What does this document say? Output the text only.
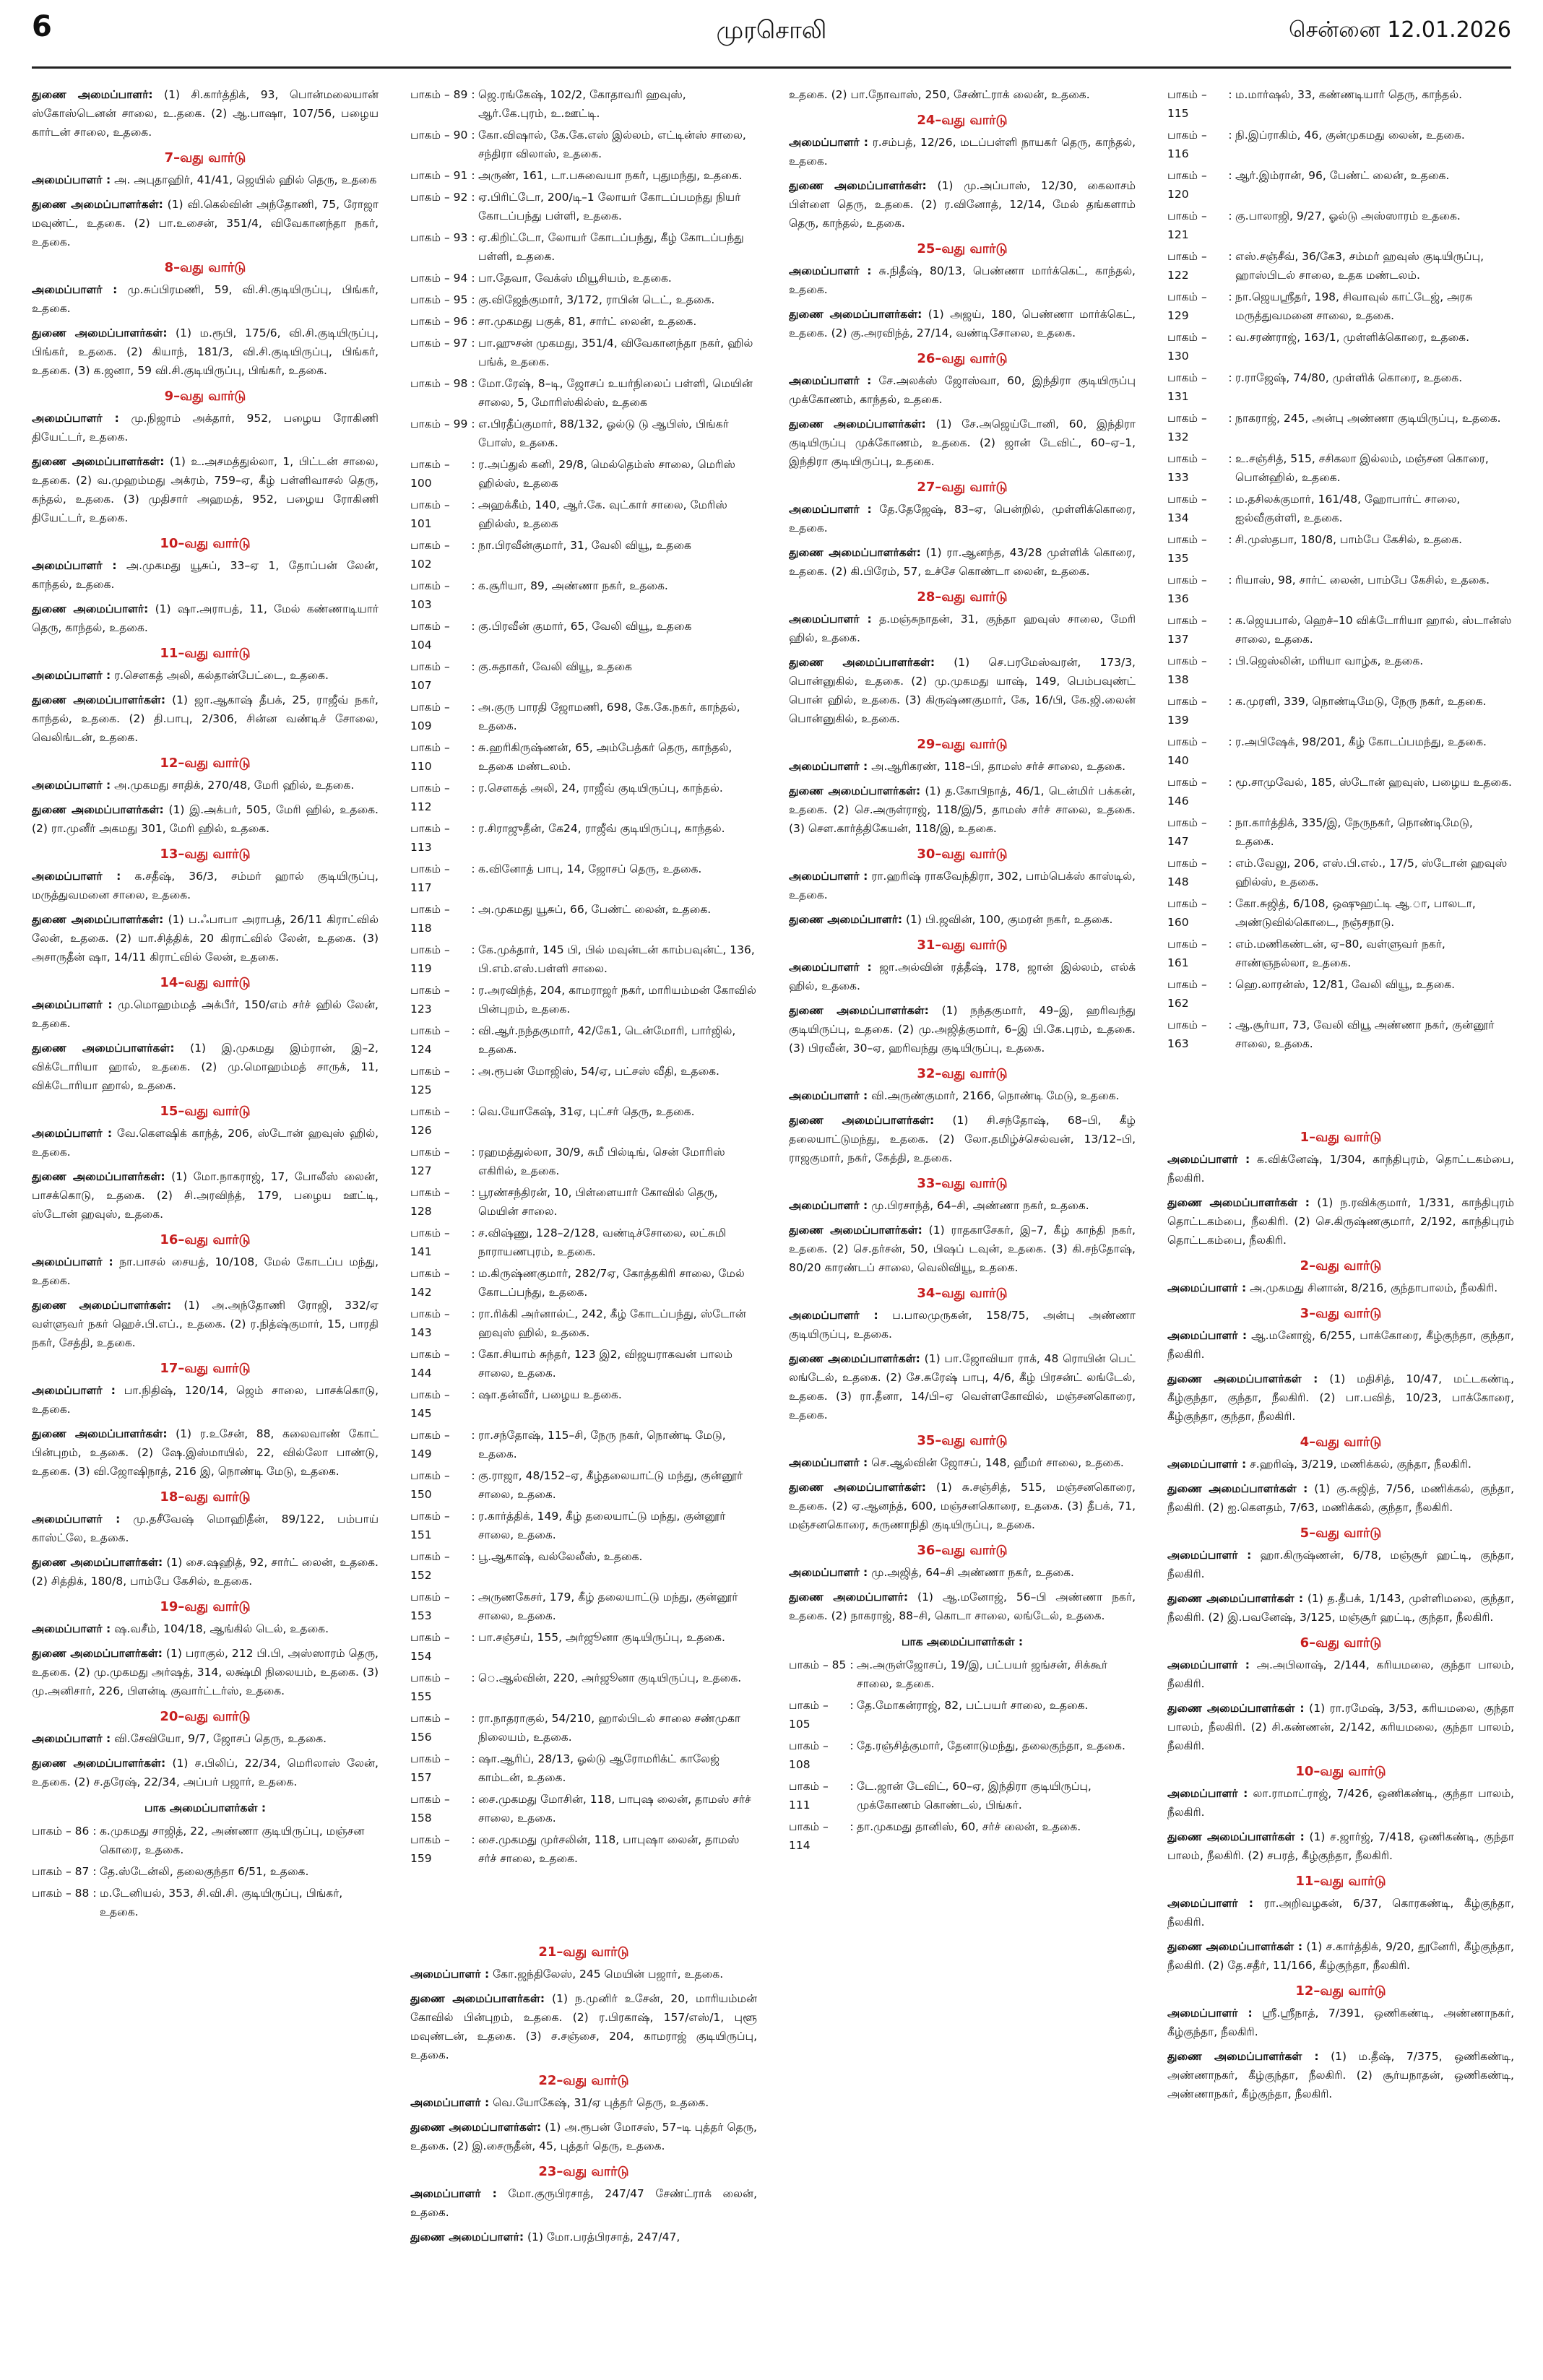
6	முரசொலி	சென்னை 12.01.2026
துணை அமைப்பாளர்: (1) சி.கார்த்திக், 93, பொன்மலையான் ஸ்கோஸ்டெனன் சாலை, உ.தகை. (2) ஆ.பாஷா, 107/56, பழைய கார்டன் சாலை, உதகை.
7–வது வார்டு
அமைப்பாளர் : அ. அபுதாஹிர், 41/41, ஜெயில் ஹில் தெரு, உதகை
துணை அமைப்பாளர்கள்: (1) வி.கெல்வின் அந்தோணி, 75, ரோஜா மவுண்ட், உதகை. (2) பா.உசைன், 351/4, விவேகானந்தா நகர், உதகை.
8–வது வார்டு
அமைப்பாளர் : மு.சுப்பிரமணி, 59, வி.சி.குடியிருப்பு, பிங்கர், உதகை.
துணை அமைப்பாளர்கள்: (1) ம.ரூபி, 175/6, வி.சி.குடியிருப்பு, பிங்கர், உதகை. (2) கியாந், 181/3, வி.சி.குடியிருப்பு, பிங்கர், உதகை. (3) க.ஜனா, 59 வி.சி.குடியிருப்பு, பிங்கர், உதகை.
9–வது வார்டு
அமைப்பாளர் : மு.நிஜாம் அக்தார், 952, பழைய ரோகிணி தியேட்டர், உதகை.
துணை அமைப்பாளர்கள்: (1) உ.அசமத்துல்லா, 1, பிட்டன் சாலை, உதகை. (2) வ.முஹம்மது அக்ரம், 759–ஏ, கீழ் பள்ளிவாசல் தெரு, கந்தல், உதகை. (3) முதிசார் அஹமத், 952, பழைய ரோகிணி தியேட்டர், உதகை.
10–வது வார்டு
அமைப்பாளர் : அ.முகமது யூசுப், 33–ஏ 1, தோப்பன் லேன், காந்தல், உதகை.
துணை அமைப்பாளர்: (1) ஷா.அராபத், 11, மேல் கண்ணாடியார் தெரு, காந்தல், உதகை.
11–வது வார்டு
அமைப்பாளர் : ர.செளகத் அலி, கல்தான்பேட்டை, உதகை.
துணை அமைப்பாளர்கள்: (1) ஜா.ஆகாஷ் தீபக், 25, ராஜீவ் நகர், காந்தல், உதகை. (2) தி.பாபு, 2/306, சின்ன வண்டிச் சோலை, வெலிங்டன், உதகை.
12–வது வார்டு
அமைப்பாளர் : அ.முகமது சாதிக், 270/48, மேரி ஹில், உதகை.
துணை அமைப்பாளர்கள்: (1) இ.அக்பர், 505, மேரி ஹில், உதகை. (2) ரா.முனீர் அகமது 301, மேரி ஹில், உதகை.
13–வது வார்டு
அமைப்பாளர் : க.சதீஷ், 36/3, சம்மர் ஹால் குடியிருப்பு, மருத்துவமனை சாலை, உதகை.
துணை அமைப்பாளர்கள்: (1) ப.ஃபாபா அராபத், 26/11 கிராட்வில் லேன், உதகை. (2) யா.சித்திக், 20 கிராட்வில் லேன், உதகை. (3) அசாருதீன் ஷா, 14/11 கிராட்வில் லேன், உதகை.
14–வது வார்டு
அமைப்பாளர் : மு.மொஹம்மத் அக்பீர், 150/எம் சர்ச் ஹில் லேன், உதகை.
துணை அமைப்பாளர்கள்: (1) இ.முகமது இம்ரான், இ–2, விக்டோரியா ஹால், உதகை. (2) மு.மொஹம்மத் சாருக், 11, விக்டோரியா ஹால், உதகை.
15–வது வார்டு
அமைப்பாளர் : வே.கௌஷிக் காந்த், 206, ஸ்டோன் ஹவுஸ் ஹில், உதகை.
துணை அமைப்பாளர்கள்: (1) மோ.நாகராஜ், 17, போலீஸ் லைன், பாசக்கொடு, உதகை. (2) சி.அரவிந்த், 179, பழைய ஊட்டி, ஸ்டோன் ஹவுஸ், உதகை.
16–வது வார்டு
அமைப்பாளர் : நா.பாசல் சையத், 10/108, மேல் கோடப்ப மந்து, உதகை.
துணை அமைப்பாளர்கள்: (1) அ.அந்தோணி ரோஜி, 332/ஏ வள்ளுவர் நகர் ஹெச்.பி.எப்., உதகை. (2) ர.நித்ஷ்குமார், 15, பாரதி நகர், சேத்தி, உதகை.
17–வது வார்டு
அமைப்பாளர் : பா.நிதிஷ், 120/14, ஜெம் சாலை, பாசக்கொடு, உதகை.
துணை அமைப்பாளர்கள்: (1) ர.உசேன், 88, கலைவாண் கோட் பின்புறம், உதகை. (2) ஷே.இஸ்மாயில், 22, வில்லோ பாண்டு, உதகை. (3) வி.ஜோஷிநாத், 216 இ, நொண்டி மேடு, உதகை.
18–வது வார்டு
அமைப்பாளர் : மு.தசீவேஷ் மொஹிதீன், 89/122, பம்பாய் காஸ்ட்லே, உதகை.
துணை அமைப்பாளர்கள்: (1) சை.ஷஹித், 92, சார்ட் லைன், உதகை. (2) சித்திக், 180/8, பாம்பே கேசில், உதகை.
19–வது வார்டு
அமைப்பாளர் : ஷ.வசீம், 104/18, ஆங்கில் டெல், உதகை.
துணை அமைப்பாளர்கள்: (1) பராகுல், 212 பி.பி, அஸ்ஸாரம் தெரு, உதகை. (2) மு.முகமது அர்ஷத், 314, லக்ஷ்மி நிலையம், உதகை. (3) மு.அனிசார், 226, பிளன்டி குவார்ட்டர்ஸ், உதகை.
20–வது வார்டு
அமைப்பாளர் : வி.சேவியோ, 9/7, ஜோசப் தெரு, உதகை.
துணை அமைப்பாளர்கள்: (1) ச.பிலிப், 22/34, மெரிலாஸ் லேன், உதகை. (2) ச.தரேஷ், 22/34, அப்பர் பஜார், உதகை.
பாக அமைப்பாளர்கள் :
பாகம் – 86 : க.முகமது சாஜித், 22, அண்ணா குடியிருப்பு, மஞ்சன கொரை, உதகை.
பாகம் – 87 : தே.ஸ்டேன்லி, தலைகுந்தா 6/51, உதகை.
பாகம் – 88 : ம.டேனியல், 353, சி.வி.சி. குடியிருப்பு, பிங்கர், உதகை.
பாகம் – 89 : ஜெ.ரங்கேஷ், 102/2, கோதாவரி ஹவுஸ், ஆர்.கே.புரம், உ.ஊட்டி.
பாகம் – 90 : கோ.விஷால், கே.கே.எஸ் இல்லம், எட்டின்ஸ் சாலை, சந்திரா விலாஸ், உதகை.
பாகம் – 91 : அருண், 161, டா.பசுவையா நகர், புதுமந்து, உதகை.
பாகம் – 92 : ஏ.பிரிட்டோ, 200/டி–1 லோயர் கோடப்பமந்து நியர் கோடப்பந்து பள்ளி, உதகை.
பாகம் – 93 : ஏ.கிறிட்டோ, லோயர் கோடப்பந்து, கீழ் கோடப்பந்து பள்ளி, உதகை.
பாகம் – 94 : பா.தேவா, வேக்ஸ் மியூசியம், உதகை.
பாகம் – 95 : கு.விஜேந்குமார், 3/172, ராபின் டெட், உதகை.
பாகம் – 96 : சா.முகமது பகுக், 81, சார்ட் லைன், உதகை.
பாகம் – 97 : பா.ஹுசன் முகமது, 351/4, விவேகானந்தா நகர், ஹில் பங்க், உதகை.
பாகம் – 98 : மோ.ரேஷ், 8–டி, ஜோசப் உயர்நிலைப் பள்ளி, மெயின் சாலை, 5, மோரிஸ்கில்ஸ், உதகை
பாகம் – 99 : எ.பிரதீப்குமார், 88/132, ஓல்டு டு ஆபிஸ், பிங்கர் போஸ், உதகை.
பாகம் – 100
: ர.அப்துல் கனி, 29/8, மெல்தெம்ஸ் சாலை, மெரிஸ் ஹில்ஸ், உதகை
பாகம் – 101
: அஹக்கீம், 140, ஆர்.கே. வுட்கார் சாலை, மேரிஸ் ஹில்ஸ், உதகை
பாகம் – 102
: நா.பிரவீன்குமார், 31, வேலி வியூ, உதகை
பாகம் – 103
: க.சூரியா, 89, அண்ணா நகர், உதகை.
பாகம் – 104
: கு.பிரவீன் குமார், 65, வேலி வியூ, உதகை
பாகம் – 107
: கு.சுதாகர், வேலி வியூ, உதகை
பாகம் – 109
: அ.குரு பாரதி ஜோமணி, 698, கே.கே.நகர், காந்தல், உதகை.
பாகம் – 110
: சு.ஹரிகிருஷ்ணன், 65, அம்பேத்கர் தெரு, காந்தல், உதகை மண்டலம்.
பாகம் – 112
: ர.செளகத் அலி, 24, ராஜீவ் குடியிருப்பு, காந்தல்.
பாகம் – 113
: ர.சிராஜுதீன், கே24, ராஜீவ் குடியிருப்பு, காந்தல்.
பாகம் – 117
: க.வினோத் பாபு, 14, ஜோசப் தெரு, உதகை.
பாகம் – 118
: அ.முகமது யூசுப், 66, பேண்ட் லைன், உதகை.
பாகம் – 119
: கே.முக்தார், 145 பி, பில் மவுன்டன் காம்பவுன்ட், 136, பி.எம்.எஸ்.பள்ளி சாலை.
பாகம் – 123
: ர.அரவிந்த், 204, காமராஜர் நகர், மாரியம்மன் கோவில் பின்புறம், உதகை.
பாகம் – 124
: வி.ஆர்.நந்தகுமார், 42/கே1, டென்மோரி, பார்ஜில், உதகை.
பாகம் – 125
: அ.ரூபன் மோஜிஸ், 54/ஏ, பட்சஸ் வீதி, உதகை.
பாகம் – 126
: வெ.யோகேஷ், 31ஏ, புட்சர் தெரு, உதகை.
பாகம் – 127
: ரஹமத்துல்லா, 30/9, சுமீ பில்டிங், சென் மோரிஸ் எகிரில், உதகை.
பாகம் – 128
: பூரண்சந்திரன், 10, பிள்ளையார் கோவில் தெரு, மெயின் சாலை.
பாகம் – 141
: ச.விஷ்ணு, 128–2/128, வண்டிச்சோலை, லட்சுமி நாராயணபுரம், உதகை.
பாகம் – 142
: ம.கிருஷ்ணகுமார், 282/7ஏ, கோத்தகிரி சாலை, மேல் கோடப்பந்து, உதகை.
பாகம் – 143
: ரா.ரிக்கி அர்னால்ட், 242, கீழ் கோடப்பந்து, ஸ்டோன் ஹவுஸ் ஹில், உதகை.
பாகம் – 144
: கோ.சியாம் சுந்தர், 123 இ2, விஜயராகவன் பாலம் சாலை, உதகை.
பாகம் – 145
: ஷா.தன்வீர், பழைய உதகை.
பாகம் – 149
: ரா.சந்தோஷ், 115–சி, நேரு நகர், நொண்டி மேடு, உதகை.
பாகம் – 150
: கு.ராஜா, 48/152–ஏ, கீழ்தலையாட்டு மந்து, குன்னூர் சாலை, உதகை.
பாகம் – 151
: ர.கார்த்திக், 149, கீழ் தலையாட்டு மந்து, குன்னூர் சாலை, உதகை.
பாகம் – 152
: பூ.ஆகாஷ், வல்லேலீஸ், உதகை.
பாகம் – 153
: அருணகேசர், 179, கீழ் தலையாட்டு மந்து, குன்னூர் சாலை, உதகை.
பாகம் – 154
: பா.சஞ்சய், 155, அர்ஜூனா குடியிருப்பு, உதகை.
பாகம் – 155
: ெ.ஆல்வின், 220, அர்ஜூனா குடியிருப்பு, உதகை.
பாகம் – 156
: ரா.நாதராகுல், 54/210, ஹால்பிடல் சாலை சண்முகா நிலையம், உதகை.
பாகம் – 157
: ஷா.ஆரிப், 28/13, ஓல்டு ஆரோமரிக்ட் காலேஜ் காம்டன், உதகை.
பாகம் – 158
: சை.முகமது மோசின், 118, பாபுஷ லைன், தாமஸ் சர்ச் சாலை, உதகை.
பாகம் – 159
: சை.முகமது முர்சலின், 118, பாபுஷா லைன், தாமஸ் சர்ச் சாலை, உதகை.
21–வது வார்டு
அமைப்பாளர் : கோ.ஜந்திலேஸ், 245 மெயின் பஜார், உதகை.
துணை அமைப்பாளர்கள்: (1) ந.முனிர் உசேன், 20, மாரியம்மன் கோவில் பின்புறம், உதகை. (2) ர.பிரகாஷ், 157/எஸ்/1, புளூ மவுண்டன், உதகை. (3) ச.சஞ்சை, 204, காமராஜ் குடியிருப்பு, உதகை.
22–வது வார்டு
அமைப்பாளர் : வெ.யோகேஷ், 31/ஏ புத்தர் தெரு, உதகை.
துணை அமைப்பாளர்கள்: (1) அ.ரூபன் மோசஸ், 57–டி புத்தர் தெரு, உதகை. (2) இ.சைருதீன், 45, புத்தர் தெரு, உதகை.
23–வது வார்டு
அமைப்பாளர் : மோ.குருபிரசாத், 247/47 சேண்ட்ராக் லைன், உதகை.
துணை அமைப்பாளர்: (1) மோ.பரத்பிரசாத், 247/47,
உதகை. (2) பா.நோவாஸ், 250, சேண்ட்ராக் லைன், உதகை.
24–வது வார்டு
அமைப்பாளர் : ர.சம்பத், 12/26, மடப்பள்ளி நாயகர் தெரு, காந்தல், உதகை.
துணை அமைப்பாளர்கள்: (1) மு.அப்பாஸ், 12/30, கைலாசம் பிள்ளை தெரு, உதகை. (2) ர.வினோத், 12/14, மேல் தங்களாம் தெரு, காந்தல், உதகை.
25–வது வார்டு
அமைப்பாளர் : சு.நிதீஷ், 80/13, பெண்ணா மார்க்கெட், காந்தல், உதகை.
துணை அமைப்பாளர்கள்: (1) அஜய், 180, பெண்ணா மார்க்கெட், உதகை. (2) கு.அரவிந்த், 27/14, வண்டிசோலை, உதகை.
26–வது வார்டு
அமைப்பாளர் : சே.அலக்ஸ் ஜோஸ்வா, 60, இந்திரா குடியிருப்பு முக்கோணம், காந்தல், உதகை.
துணை அமைப்பாளர்கள்: (1) சே.அஜெய்டோனி, 60, இந்திரா குடியிருப்பு முக்கோணம், உதகை. (2) ஜான் டேவிட், 60–ஏ–1, இந்திரா குடியிருப்பு, உதகை.
27–வது வார்டு
அமைப்பாளர் : தே.தேஜேஷ், 83–ஏ, பென்றில், முள்ளிக்கொரை, உதகை.
துணை அமைப்பாளர்கள்: (1) ரா.ஆனந்த, 43/28 முள்ளிக் கொரை, உதகை. (2) கி.பிரேம், 57, உச்சே கொண்டா லைன், உதகை.
28–வது வார்டு
அமைப்பாளர் : த.மஞ்சுநாதன், 31, குந்தா ஹவுஸ் சாலை, மேரி ஹில், உதகை.
துணை அமைப்பாளர்கள்: (1) செ.பரமேஸ்வரன், 173/3, பொன்னுகில், உதகை. (2) மு.முகமது யாஷ், 149, பெம்பவுண்ட் பொன் ஹில், உதகை. (3) கிருஷ்ணகுமார், கே, 16/பி, கே.ஜி.லைன் பொன்னுகில், உதகை.
29–வது வார்டு
அமைப்பாளர் : அ.ஆரிகரண், 118–பி, தாமஸ் சர்ச் சாலை, உதகை.
துணை அமைப்பாளர்கள்: (1) த.கோபிநாத், 46/1, டென்மிர் பக்கன், உதகை. (2) செ.அருள்ராஜ், 118/இ/5, தாமஸ் சர்ச் சாலை, உதகை. (3) சௌ.கார்த்திகேயன், 118/இ, உதகை.
30–வது வார்டு
அமைப்பாளர் : ரா.ஹரிஷ் ராகவேந்திரா, 302, பாம்பெக்ஸ் காஸ்டில், உதகை.
துணை அமைப்பாளர்: (1) பி.ஜவின், 100, குமரன் நகர், உதகை.
31–வது வார்டு
அமைப்பாளர் : ஜா.அல்வின் ரத்தீஷ், 178, ஜான் இல்லம், எல்க் ஹில், உதகை.
துணை அமைப்பாளர்கள்: (1) நந்தகுமார், 49–இ, ஹரிவந்து குடியிருப்பு, உதகை. (2) மு.அஜித்குமார், 6–இ பி.கே.புரம், உதகை. (3) பிரவீன், 30–ஏ, ஹரிவந்து குடியிருப்பு, உதகை.
32–வது வார்டு
அமைப்பாளர் : வி.அருண்குமார், 2166, நொண்டி மேடு, உதகை.
துணை அமைப்பாளர்கள்: (1) சி.சந்தோஷ், 68–பி, கீழ் தலையாட்டுமந்து, உதகை. (2) லோ.தமிழ்ச்செல்வன், 13/12–பி, ராஜகுமார், நகர், கேத்தி, உதகை.
33–வது வார்டு
அமைப்பாளர் : மு.பிரசாந்த், 64–சி, அண்ணா நகர், உதகை.
துணை அமைப்பாளர்கள்: (1) ராதகாசேகர், இ–7, கீழ் காந்தி நகர், உதகை. (2) செ.தர்சன், 50, பிஷப் டவுன், உதகை. (3) கி.சந்தோஷ், 80/20 காரண்டப் சாலை, வெலிவியூ, உதகை.
34–வது வார்டு
அமைப்பாளர் : ப.பாலமுருகன், 158/75, அன்பு அண்ணா குடியிருப்பு, உதகை.
துணை அமைப்பாளர்கள்: (1) பா.ஜோவியா ராக், 48 ரொயின் பெட் லங்டேல், உதகை. (2) சே.சுரேஷ் பாபு, 4/6, கீழ் பிரசன்ட் லங்டேல், உதகை. (3) ரா.தீனா, 14/பி–ஏ வெள்ளகோவில், மஞ்சனகொரை, உதகை.
35–வது வார்டு
அமைப்பாளர் : செ.ஆல்வின் ஜோசப், 148, ஹீமர் சாலை, உதகை.
துணை அமைப்பாளர்கள்: (1) சு.சஞ்சித், 515, மஞ்சனகொரை, உதகை. (2) ஏ.ஆனந்த், 600, மஞ்சனகொரை, உதகை. (3) தீபக், 71, மஞ்சனகொரை, சுருணாநிதி குடியிருப்பு, உதகை.
36–வது வார்டு
அமைப்பாளர் : மு.அஜித், 64–சி அண்ணா நகர், உதகை.
துணை அமைப்பாளர்: (1) ஆ.மனோஜ், 56–பி அண்ணா நகர், உதகை. (2) நாகராஜ், 88–சி, கொடா சாலை, லங்டேல், உதகை.
பாக அமைப்பாளர்கள் :
பாகம் – 85 : அ.அருள்ஜோசப், 19/இ, பட்பயர் ஜங்சன், சிக்கூர் சாலை, உதகை.
பாகம் – 105
: தே.மோகன்ராஜ், 82, பட்பயர் சாலை, உதகை.
பாகம் – 108
: தே.ரஞ்சித்குமார், தேனாடுமந்து, தலைகுந்தா, உதகை.
பாகம் – 111
: டே.ஜான் டேவிட், 60–ஏ, இந்திரா குடியிருப்பு, முக்கோணம் கொண்டல், பிங்கர்.
பாகம் – 114
: தா.முகமது தானிஸ், 60, சர்ச் லைன், உதகை.
பாகம் – 115
: ம.மார்ஷல், 33, கண்ணடியார் தெரு, காந்தல்.
பாகம் – 116
: நி.இப்ராகிம், 46, குன்முகமது லைன், உதகை.
பாகம் – 120
: ஆர்.இம்ரான், 96, பேண்ட் லைன், உதகை.
பாகம் – 121
: கு.பாலாஜி, 9/27, ஓல்டு அஸ்ஸாரம் உதகை.
பாகம் – 122
: எஸ்.சஞ்சீவ், 36/கே3, சம்மர் ஹவுஸ் குடியிருப்பு, ஹாஸ்பிடல் சாலை, உதக மண்டலம்.
பாகம் – 129
: நா.ஜெயஸ்ரீதர், 198, சிவாவுல் காட்டேஜ், அரசு மருத்துவமனை சாலை, உதகை.
பாகம் – 130
: வ.சரண்ராஜ், 163/1, முள்ளிக்கொரை, உதகை.
பாகம் – 131
: ர.ராஜேஷ், 74/80, முள்ளிக் கொரை, உதகை.
பாகம் – 132
: நாகராஜ், 245, அன்பு அண்ணா குடியிருப்பு, உதகை.
பாகம் – 133
: உ.சஞ்சித், 515, சசிகலா இல்லம், மஞ்சன கொரை, பொன்ஹில், உதகை.
பாகம் – 134
: ம.தசிலக்குமார், 161/48, ஹோபார்ட் சாலை, ஐல்வீகுள்ளி, உதகை.
பாகம் – 135
: சி.முஸ்தபா, 180/8, பாம்பே கேசில், உதகை.
பாகம் – 136
: ரியாஸ், 98, சார்ட் லைன், பாம்பே கேசில், உதகை.
பாகம் – 137
: க.ஜெயபால், ஹெச்–10 விக்டோரியா ஹால், ஸ்டான்ஸ் சாலை, உதகை.
பாகம் – 138
: பி.ஜெஸ்லின், மரியா வாழ்க, உதகை.
பாகம் – 139
: க.முரளி, 339, நொண்டிமேடு, நேரு நகர், உதகை.
பாகம் – 140
: ர.அபிஷேக், 98/201, கீழ் கோடப்பமந்து, உதகை.
பாகம் – 146
: மூ.சாமுவேல், 185, ஸ்டோன் ஹவுஸ், பழைய உதகை.
பாகம் – 147
: நா.கார்த்திக், 335/இ, நேருநகர், நொண்டிமேடு, உதகை.
பாகம் – 148
: எம்.வேலு, 206, எஸ்.பி.எல்., 17/5, ஸ்டோன் ஹவுஸ் ஹில்ஸ், உதகை.
பாகம் – 160
: கோ.சுஜித், 6/108, ஒஷுஹட்டி ஆ.ா, பாலடா, அண்டுவில்கொடை, நஞ்சநாடு.
பாகம் – 161
: எம்.மணிகண்டன், ஏ–80, வள்ளுவர் நகர், சாண்ஞநல்லா, உதகை.
பாகம் – 162
: ஹெ.லாரன்ஸ், 12/81, வேலி வியூ, உதகை.
பாகம் – 163
: ஆ.சூர்யா, 73, வேலி வியூ அண்ணா நகர், குன்னூர் சாலை, உதகை.
1–வது வார்டு
அமைப்பாளர் : க.விக்னேஷ், 1/304, காந்திபுரம், தொட்டகம்பை, நீலகிரி.
துணை அமைப்பாளர்கள் : (1) ந.ரவிக்குமார், 1/331, காந்திபுரம் தொட்டகம்பை, நீலகிரி. (2) செ.கிருஷ்ணகுமார், 2/192, காந்திபுரம் தொட்டகம்பை, நீலகிரி.
2–வது வார்டு
அமைப்பாளர் : அ.முகமது சினான், 8/216, குந்தாபாலம், நீலகிரி.
3–வது வார்டு
அமைப்பாளர் : ஆ.மனோஜ், 6/255, பாக்கோரை, கீழ்குந்தா, குந்தா, நீலகிரி.
துணை அமைப்பாளர்கள் : (1) மதிசித், 10/47, மட்டகண்டி, கீழ்குந்தா, குந்தா, நீலகிரி. (2) பா.பவித், 10/23, பாக்கோரை, கீழ்குந்தா, குந்தா, நீலகிரி.
4–வது வார்டு
அமைப்பாளர் : ச.ஹரிஷ், 3/219, மணிக்கல், குந்தா, நீலகிரி.
துணை அமைப்பாளர்கள் : (1) கு.சுஜித், 7/56, மணிக்கல், குந்தா, நீலகிரி. (2) ஐ.கௌதம், 7/63, மணிக்கல், குந்தா, நீலகிரி.
5–வது வார்டு
அமைப்பாளர் : ஹா.கிருஷ்ணன், 6/78, மஞ்சூர் ஹட்டி, குந்தா, நீலகிரி.
துணை அமைப்பாளர்கள் : (1) த.தீபக், 1/143, முள்ளிமலை, குந்தா, நீலகிரி. (2) இ.பவனேஷ், 3/125, மஞ்சூர் ஹட்டி, குந்தா, நீலகிரி.
6–வது வார்டு
அமைப்பாளர் : அ.அபிலாஷ், 2/144, கரியமலை, குந்தா பாலம், நீலகிரி.
துணை அமைப்பாளர்கள் : (1) ரா.ரமேஷ், 3/53, கரியமலை, குந்தா பாலம், நீலகிரி. (2) சி.கண்ணன், 2/142, கரியமலை, குந்தா பாலம், நீலகிரி.
10–வது வார்டு
அமைப்பாளர் : லா.ராமாட்ராஜ், 7/426, ஒணிகண்டி, குந்தா பாலம், நீலகிரி.
துணை அமைப்பாளர்கள் : (1) ச.ஜார்ஜ், 7/418, ஒணிகண்டி, குந்தா பாலம், நீலகிரி. (2) சபரத், கீழ்குந்தா, நீலகிரி.
11–வது வார்டு
அமைப்பாளர் : ரா.அறிவழகன், 6/37, கொரகண்டி, கீழ்குந்தா, நீலகிரி.
துணை அமைப்பாளர்கள் : (1) ச.கார்த்திக், 9/20, தூனேரி, கீழ்குந்தா, நீலகிரி. (2) தே.சதீர், 11/166, கீழ்குந்தா, நீலகிரி.
12–வது வார்டு
அமைப்பாளர் : ஸ்ரீ.ஸ்ரீநாத், 7/391, ஒணிகண்டி, அண்ணாநகர், கீழ்குந்தா, நீலகிரி.
துணை அமைப்பாளர்கள் : (1) ம.தீஷ், 7/375, ஒணிகண்டி, அண்ணாநகர், கீழ்குந்தா, நீலகிரி. (2) சூர்யநாதன், ஒணிகண்டி, அண்ணாநகர், கீழ்குந்தா, நீலகிரி.
